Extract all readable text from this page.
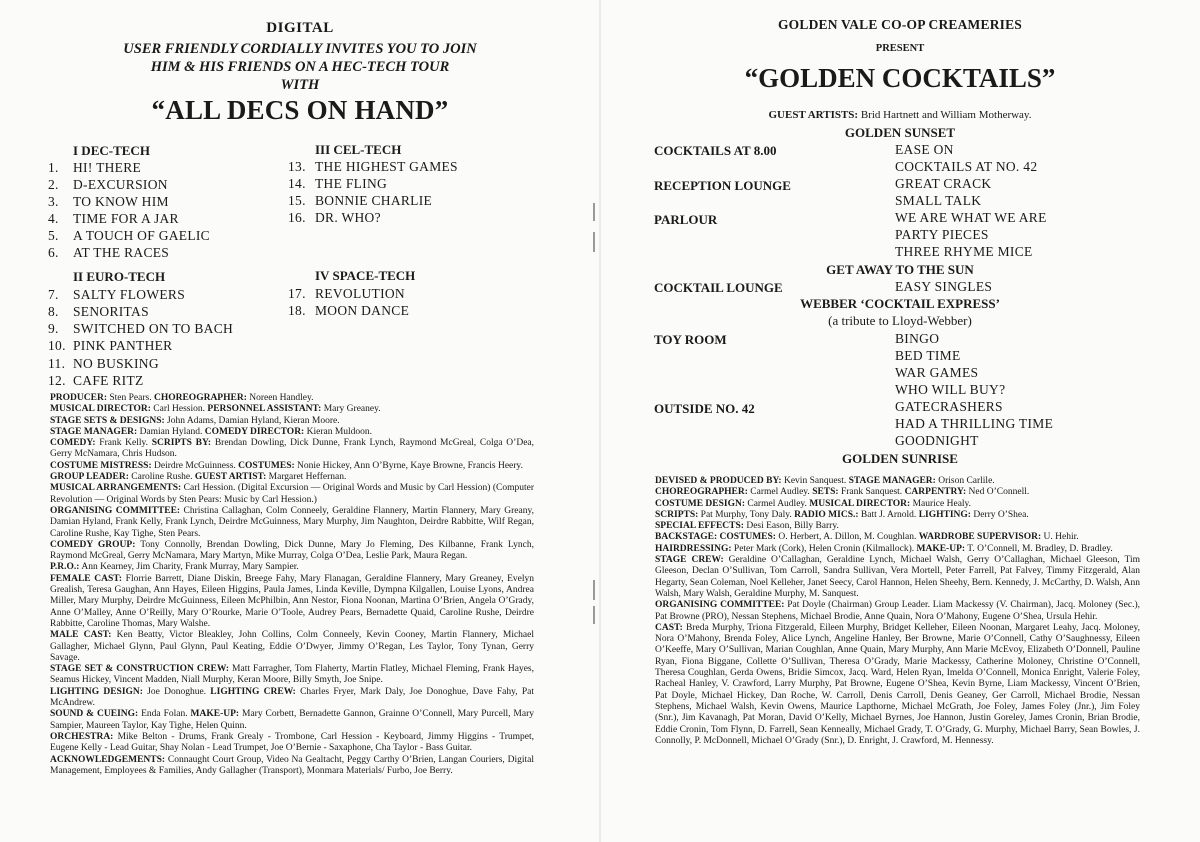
DIGITAL
USER FRIENDLY CORDIALLY INVITES YOU TO JOIN
HIM & HIS FRIENDS ON A HEC-TECH TOUR
WITH
“ALL DECS ON HAND”
I DEC-TECH
1. HI! THERE
2. D-EXCURSION
3. TO KNOW HIM
4. TIME FOR A JAR
5. A TOUCH OF GAELIC
6. AT THE RACES
II EURO-TECH
7. SALTY FLOWERS
8. SENORITAS
9. SWITCHED ON TO BACH
10. PINK PANTHER
11. NO BUSKING
12. CAFE RITZ
III CEL-TECH
13. THE HIGHEST GAMES
14. THE FLING
15. BONNIE CHARLIE
16. DR. WHO?
IV SPACE-TECH
17. REVOLUTION
18. MOON DANCE

PRODUCER: Sten Pears. CHOREOGRAPHER: Noreen Handley.

MUSICAL DIRECTOR: Carl Hession. PERSONNEL ASSISTANT: Mary Greaney.

STAGE SETS & DESIGNS: John Adams, Damian Hyland, Kieran Moore.

STAGE MANAGER: Damian Hyland. COMEDY DIRECTOR: Kieran Muldoon.

COMEDY: Frank Kelly. SCRIPTS BY: Brendan Dowling, Dick Dunne, Frank Lynch, Raymond McGreal, Colga O’Dea, Gerry McNamara, Chris Hudson.

COSTUME MISTRESS: Deirdre McGuinness. COSTUMES: Nonie Hickey, Ann O’Byrne, Kaye Browne, Francis Heery.

GROUP LEADER: Caroline Rushe. GUEST ARTIST: Margaret Heffernan.

MUSICAL ARRANGEMENTS: Carl Hession. (Digital Excursion — Original Words and Music by Carl Hession) (Computer Revolution — Original Words by Sten Pears: Music by Carl Hession.)

ORGANISING COMMITTEE: Christina Callaghan, Colm Conneely, Geraldine Flannery, Martin Flannery, Mary Greany, Damian Hyland, Frank Kelly, Frank Lynch, Deirdre McGuinness, Mary Murphy, Jim Naughton, Deirdre Rabbitte, Wilf Regan, Caroline Rushe, Kay Tighe, Sten Pears.

COMEDY GROUP: Tony Connolly, Brendan Dowling, Dick Dunne, Mary Jo Fleming, Des Kilbanne, Frank Lynch, Raymond McGreal, Gerry McNamara, Mary Martyn, Mike Murray, Colga O’Dea, Leslie Park, Maura Regan.

P.R.O.: Ann Kearney, Jim Charity, Frank Murray, Mary Sampier.

FEMALE CAST: Florrie Barrett, Diane Diskin, Breege Fahy, Mary Flanagan, Geraldine Flannery, Mary Greaney, Evelyn Grealish, Teresa Gaughan, Ann Hayes, Eileen Higgins, Paula James, Linda Keville, Dympna Kilgallen, Louise Lyons, Andrea Miller, Mary Murphy, Deirdre McGuinness, Eileen McPhilbin, Ann Nestor, Fiona Noonan, Martina O’Brien, Angela O’Grady, Anne O’Malley, Anne O’Reilly, Mary O’Rourke, Marie O’Toole, Audrey Pears, Bernadette Quaid, Caroline Rushe, Deirdre Rabbitte, Caroline Thomas, Mary Walshe.

MALE CAST: Ken Beatty, Victor Bleakley, John Collins, Colm Conneely, Kevin Cooney, Martin Flannery, Michael Gallagher, Michael Glynn, Paul Glynn, Paul Keating, Eddie O’Dwyer, Jimmy O’Regan, Les Taylor, Tony Tynan, Gerry Savage.

STAGE SET & CONSTRUCTION CREW: Matt Farragher, Tom Flaherty, Martin Flatley, Michael Fleming, Frank Hayes, Seamus Hickey, Vincent Madden, Niall Murphy, Keran Moore, Billy Smyth, Joe Snipe.

LIGHTING DESIGN: Joe Donoghue. LIGHTING CREW: Charles Fryer, Mark Daly, Joe Donoghue, Dave Fahy, Pat McAndrew.

SOUND & CUEING: Enda Folan. MAKE-UP: Mary Corbett, Bernadette Gannon, Grainne O’Connell, Mary Purcell, Mary Sampier, Maureen Taylor, Kay Tighe, Helen Quinn.

ORCHESTRA: Mike Belton - Drums, Frank Grealy - Trombone, Carl Hession - Keyboard, Jimmy Higgins - Trumpet, Eugene Kelly - Lead Guitar, Shay Nolan - Lead Trumpet, Joe O’Bernie - Saxaphone, Cha Taylor - Bass Guitar.

ACKNOWLEDGEMENTS: Connaught Court Group, Video Na Gealtacht, Peggy Carthy O’Brien, Langan Couriers, Digital Management, Employees & Families, Andy Gallagher (Transport), Monmara Materials/ Furbo, Joe Berry.

GOLDEN VALE CO-OP CREAMERIES
PRESENT
“GOLDEN COCKTAILS”
GUEST ARTISTS: Brid Hartnett and William Motherway.
GOLDEN SUNSET
COCKTAILS AT 8.00	EASE ON
COCKTAILS AT NO. 42
RECEPTION LOUNGE	GREAT CRACK
SMALL TALK
PARLOUR	WE ARE WHAT WE ARE
PARTY PIECES
THREE RHYME MICE
GET AWAY TO THE SUN
COCKTAIL LOUNGE	EASY SINGLES
WEBBER ‘COCKTAIL EXPRESS’
(a tribute to Lloyd-Webber)
TOY ROOM	BINGO
BED TIME
WAR GAMES
WHO WILL BUY?
OUTSIDE NO. 42	GATECRASHERS
HAD A THRILLING TIME
GOODNIGHT
GOLDEN SUNRISE

DEVISED & PRODUCED BY: Kevin Sanquest. STAGE MANAGER: Orison Carlile.

CHOREOGRAPHER: Carmel Audley. SETS: Frank Sanquest. CARPENTRY: Ned O’Connell.

COSTUME DESIGN: Carmel Audley. MUSICAL DIRECTOR: Maurice Healy.

SCRIPTS: Pat Murphy, Tony Daly. RADIO MICS.: Batt J. Arnold. LIGHTING: Derry O’Shea.

SPECIAL EFFECTS: Desi Eason, Billy Barry.

BACKSTAGE: COSTUMES: O. Herbert, A. Dillon, M. Coughlan. WARDROBE SUPERVISOR: U. Hehir.

HAIRDRESSING: Peter Mark (Cork), Helen Cronin (Kilmallock). MAKE-UP: T. O’Connell, M. Bradley, D. Bradley.

STAGE CREW: Geraldine O’Callaghan, Geraldine Lynch, Michael Walsh, Gerry O’Callaghan, Michael Gleeson, Tim Gleeson, Declan O’Sullivan, Tom Carroll, Sandra Sullivan, Vera Mortell, Peter Farrell, Pat Falvey, Timmy Fitzgerald, Alan Hegarty, Sean Coleman, Noel Kelleher, Janet Seecy, Carol Hannon, Helen Sheehy, Bern. Kennedy, J. McCarthy, D. Walsh, Ann Walsh, Mary Walsh, Geraldine Murphy, M. Sanquest.

ORGANISING COMMITTEE: Pat Doyle (Chairman) Group Leader. Liam Mackessy (V. Chairman), Jacq. Moloney (Sec.), Pat Browne (PRO), Nessan Stephens, Michael Brodie, Anne Quain, Nora O’Mahony, Eugene O’Shea, Ursula Hehir.

CAST: Breda Murphy, Triona Fitzgerald, Eileen Murphy, Bridget Kelleher, Eileen Noonan, Margaret Leahy, Jacq. Moloney, Nora O’Mahony, Brenda Foley, Alice Lynch, Angeline Hanley, Ber Browne, Marie O’Connell, Cathy O’Saughnessy, Eileen O’Keeffe, Mary O’Sullivan, Marian Coughlan, Anne Quain, Mary Murphy, Ann Marie McEvoy, Elizabeth O’Donnell, Pauline Ryan, Fiona Biggane, Collette O’Sullivan, Theresa O’Grady, Marie Mackessy, Catherine Moloney, Christine O’Connell, Theresa Coughlan, Gerda Owens, Bridie Simcox, Jacq. Ward, Helen Ryan, Imelda O’Connell, Monica Enright, Valerie Foley, Racheal Hanley, V. Crawford, Larry Murphy, Pat Browne, Eugene O’Shea, Kevin Byrne, Liam Mackessy, Vincent O’Brien, Pat Doyle, Michael Hickey, Dan Roche, W. Carroll, Denis Carroll, Denis Geaney, Ger Carroll, Michael Brodie, Nessan Stephens, Michael Walsh, Kevin Owens, Maurice Lapthorne, Michael McGrath, Joe Foley, James Foley (Jnr.), Jim Foley (Snr.), Jim Kavanagh, Pat Moran, David O’Kelly, Michael Byrnes, Joe Hannon, Justin Goreley, James Cronin, Brian Brodie, Eddie Cronin, Tom Flynn, D. Farrell, Sean Kenneally, Michael Grady, T. O’Grady, G. Murphy, Michael Barry, Sean Bowles, J. Connolly, P. McDonnell, Michael O’Grady (Snr.), D. Enright, J. Crawford, M. Hennessy.
